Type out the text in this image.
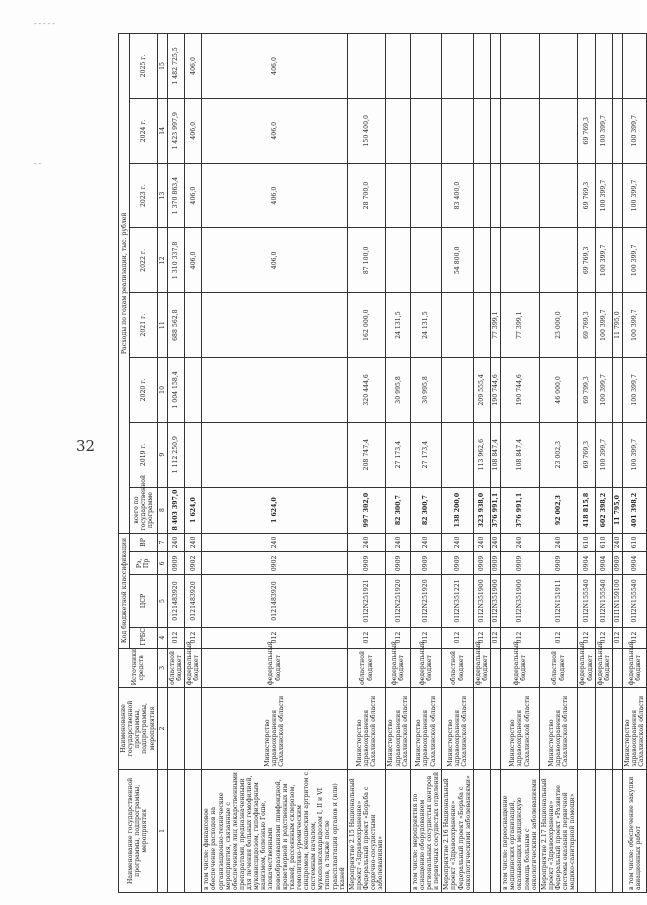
- - - - -
- -
32
Наименование государственной программы, подпрограммы, мероприятия	Наименование государственной программы, подпрограммы, мероприятия	Источники средств	Код бюджетной классификации				Расходы по годам реализации, тыс. рублей							
			ГРБС	ЦСР	Рз, Пр	ВР	всего по государственной программе	2019 г.	2020 г.	2021 г.	2022 г.	2023 г.	2024 г.	2025 г.
1	2	3	4	5	6	7	8	9	10	11	12	13	14	15
		областной бюджет	012	0121483920	0909	240	8 403 397,0	1 112 250,9	1 004 158,4	688 562,8	1 310 337,8	1 370 863,4	1 423 997,9	1 482 725,5
		федеральный бюджет	012	0121483920	0902	240	1 624,0				406,0	406,0	406,0	406,0
в том числе: финансовое обеспечение расходов на организационно-технические мероприятия, связанные с обеспечением лиц лекарственными препаратами, предназначенными для лечения больных гемофилией, муковисцидозом, гипофизарным нанизмом, болезнью Гоше, злокачественными новообразованиями лимфоидной, кроветворной и родственных им тканей, рассеянным склерозом, гемолитико-уремическим синдромом, юношеским артритом с системным началом, мукополисахаридозом I, II и VI типов, а также после трансплантации органов и (или) тканей	Министерство здравоохранения Сахалинской области	федеральный бюджет	012	0121483920	0902	240	1 624,0				406,0	406,0	406,0	406,0
Мероприятие 2.15 Национальный проект «Здравоохранение» Федеральный проект «Борьба с сердечно-сосудистыми заболеваниями»	Министерство здравоохранения Сахалинской области	областной бюджет	012	01I2N251921	0909	240	997 302,0	208 747,4	320 444,6	162 000,0	87 100,0	28 700,0	150 400,0	
	Министерство здравоохранения Сахалинской области	федеральный бюджет	012	01I2N251920	0909	240	82 300,7	27 173,4	30 995,8	24 131,5				
в том числе: мероприятия по оснащению оборудованием региональных сосудистых центров и первичных сосудистых отделений	Министерство здравоохранения Сахалинской области	федеральный бюджет	012	01I2N251920	0909	240	82 300,7	27 173,4	30 995,8	24 131,5				
Мероприятие 2.16 Национальный проект «Здравоохранение» Федеральный проект «Борьба с онкологическими заболеваниями»	Министерство здравоохранения Сахалинской области	областной бюджет	012	01I2N351221	0909	240	138 200,0				54 800,0	83 400,0		
		федеральный бюджет	012	01I2N351900	0909	240	323 938,0	113 962,6	209 555,4					
			012	01I2N351900	0909	240	376 991,1	108 847,4	190 744,6	77 399,1				
в том числе: переоснащение медицинских организаций, оказывающих медицинскую помощь больным с онкологическими заболеваниями	Министерство здравоохранения Сахалинской области	федеральный бюджет	012	01I2N351900	0909	240	376 991,1	108 847,4	190 744,6	77 399,1				
Мероприятие 2.17 Национальный проект «Здравоохранение» Федеральный проект «Развитие системы оказания первичной медико-санитарной помощи»	Министерство здравоохранения Сахалинской области	областной бюджет	012	01I2N151911	0909	240	92 002,3	23 002,3	46 000,0	23 000,0				
		федеральный бюджет	012	01I2N155540	0904	610	418 815,8	69 769,3	69 799,3	69 769,3	69 769,3	69 769,3	69 769,3	
		федеральный бюджет	012	01I2N155540	0904	610	602 398,2	100 399,7	100 399,7	100 399,7	100 399,7	100 399,7	100 399,7	
			012	01I1N159100	0909	240	11 795,0			11 795,0				
в том числе: обеспечение закупки авиационных работ	Министерство здравоохранения Сахалинской области	федеральный бюджет	012	01I2N155540	0904	610	401 398,2	100 399,7	100 399,7	100 399,7	100 399,7	100 399,7	100 399,7	
